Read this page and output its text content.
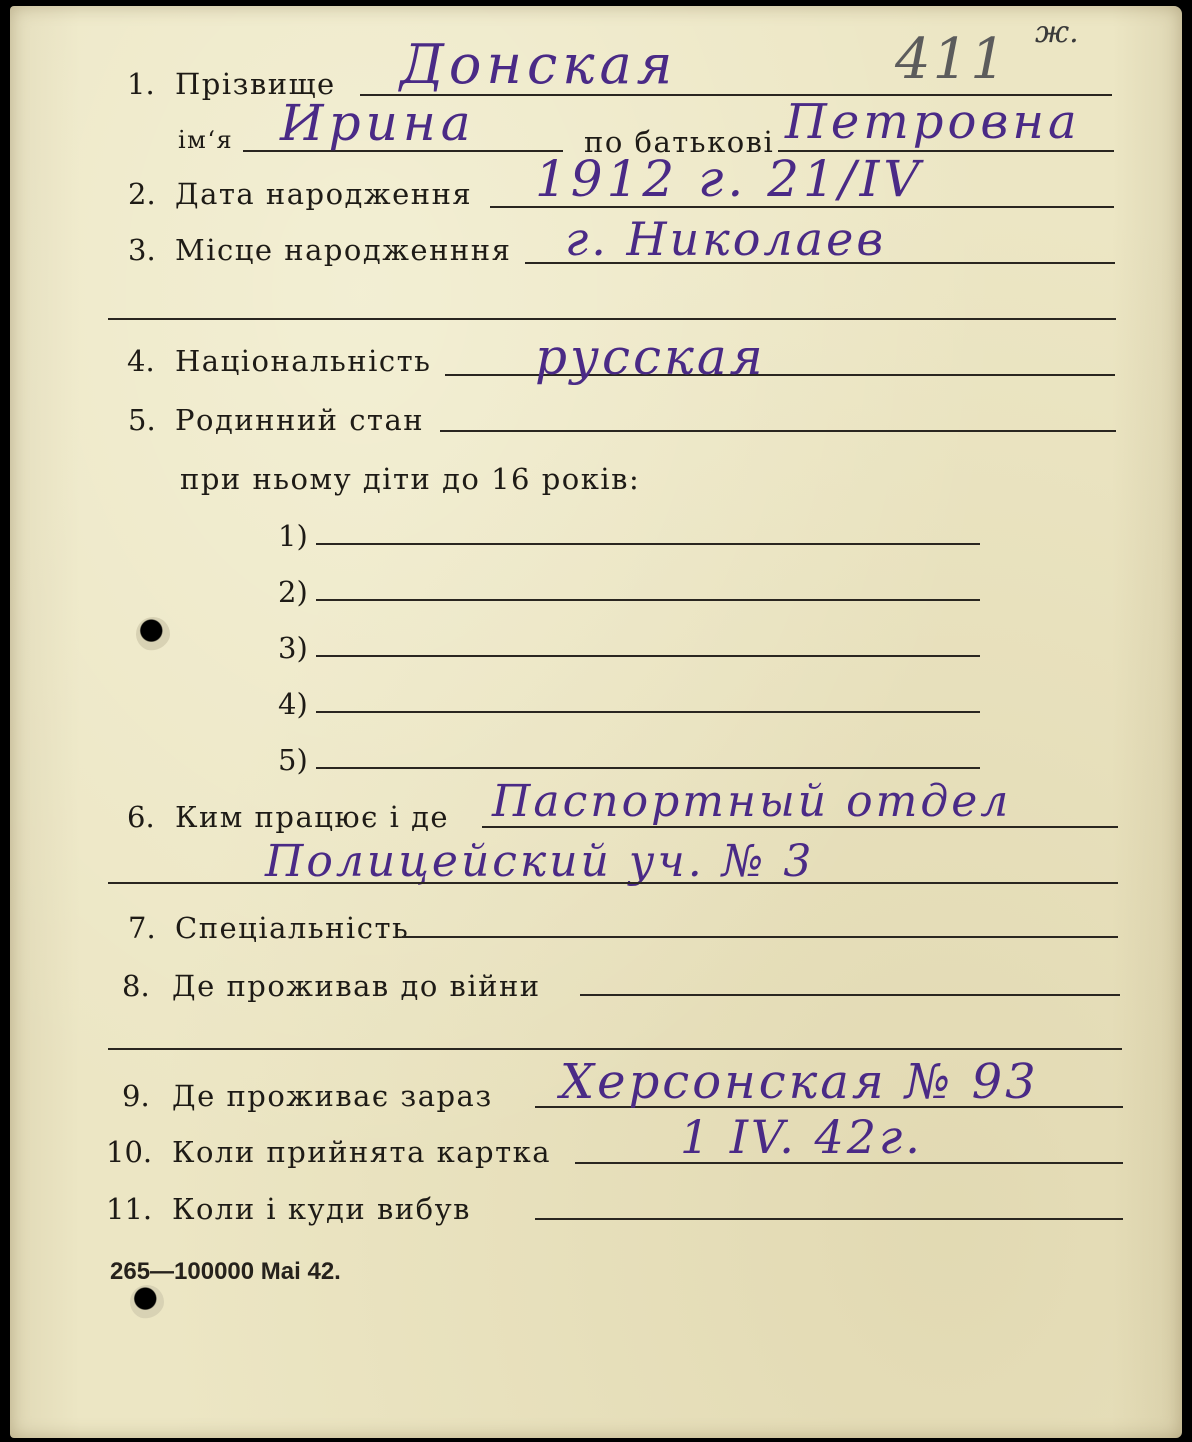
411 ж.
1. Прізвище Донская
ім‘я Ирина	по батькові Петровна
2. Дата народження 1912 г. 21/IV
3. Місце народженння г. Николаев
4. Національність русская
5. Родинний стан
при ньому діти до 16 років:
1)
2)
3)
4)
5)
6. Ким працює і де Паспортный отдел
Полицейский уч. № 3
7. Спеціальність
8. Де проживав до війни
9. Де проживає зараз Херсонская № 93
10. Коли прийнята картка	1 IV. 42г.
11. Коли і куди вибув
265—100000 Mai 42.
